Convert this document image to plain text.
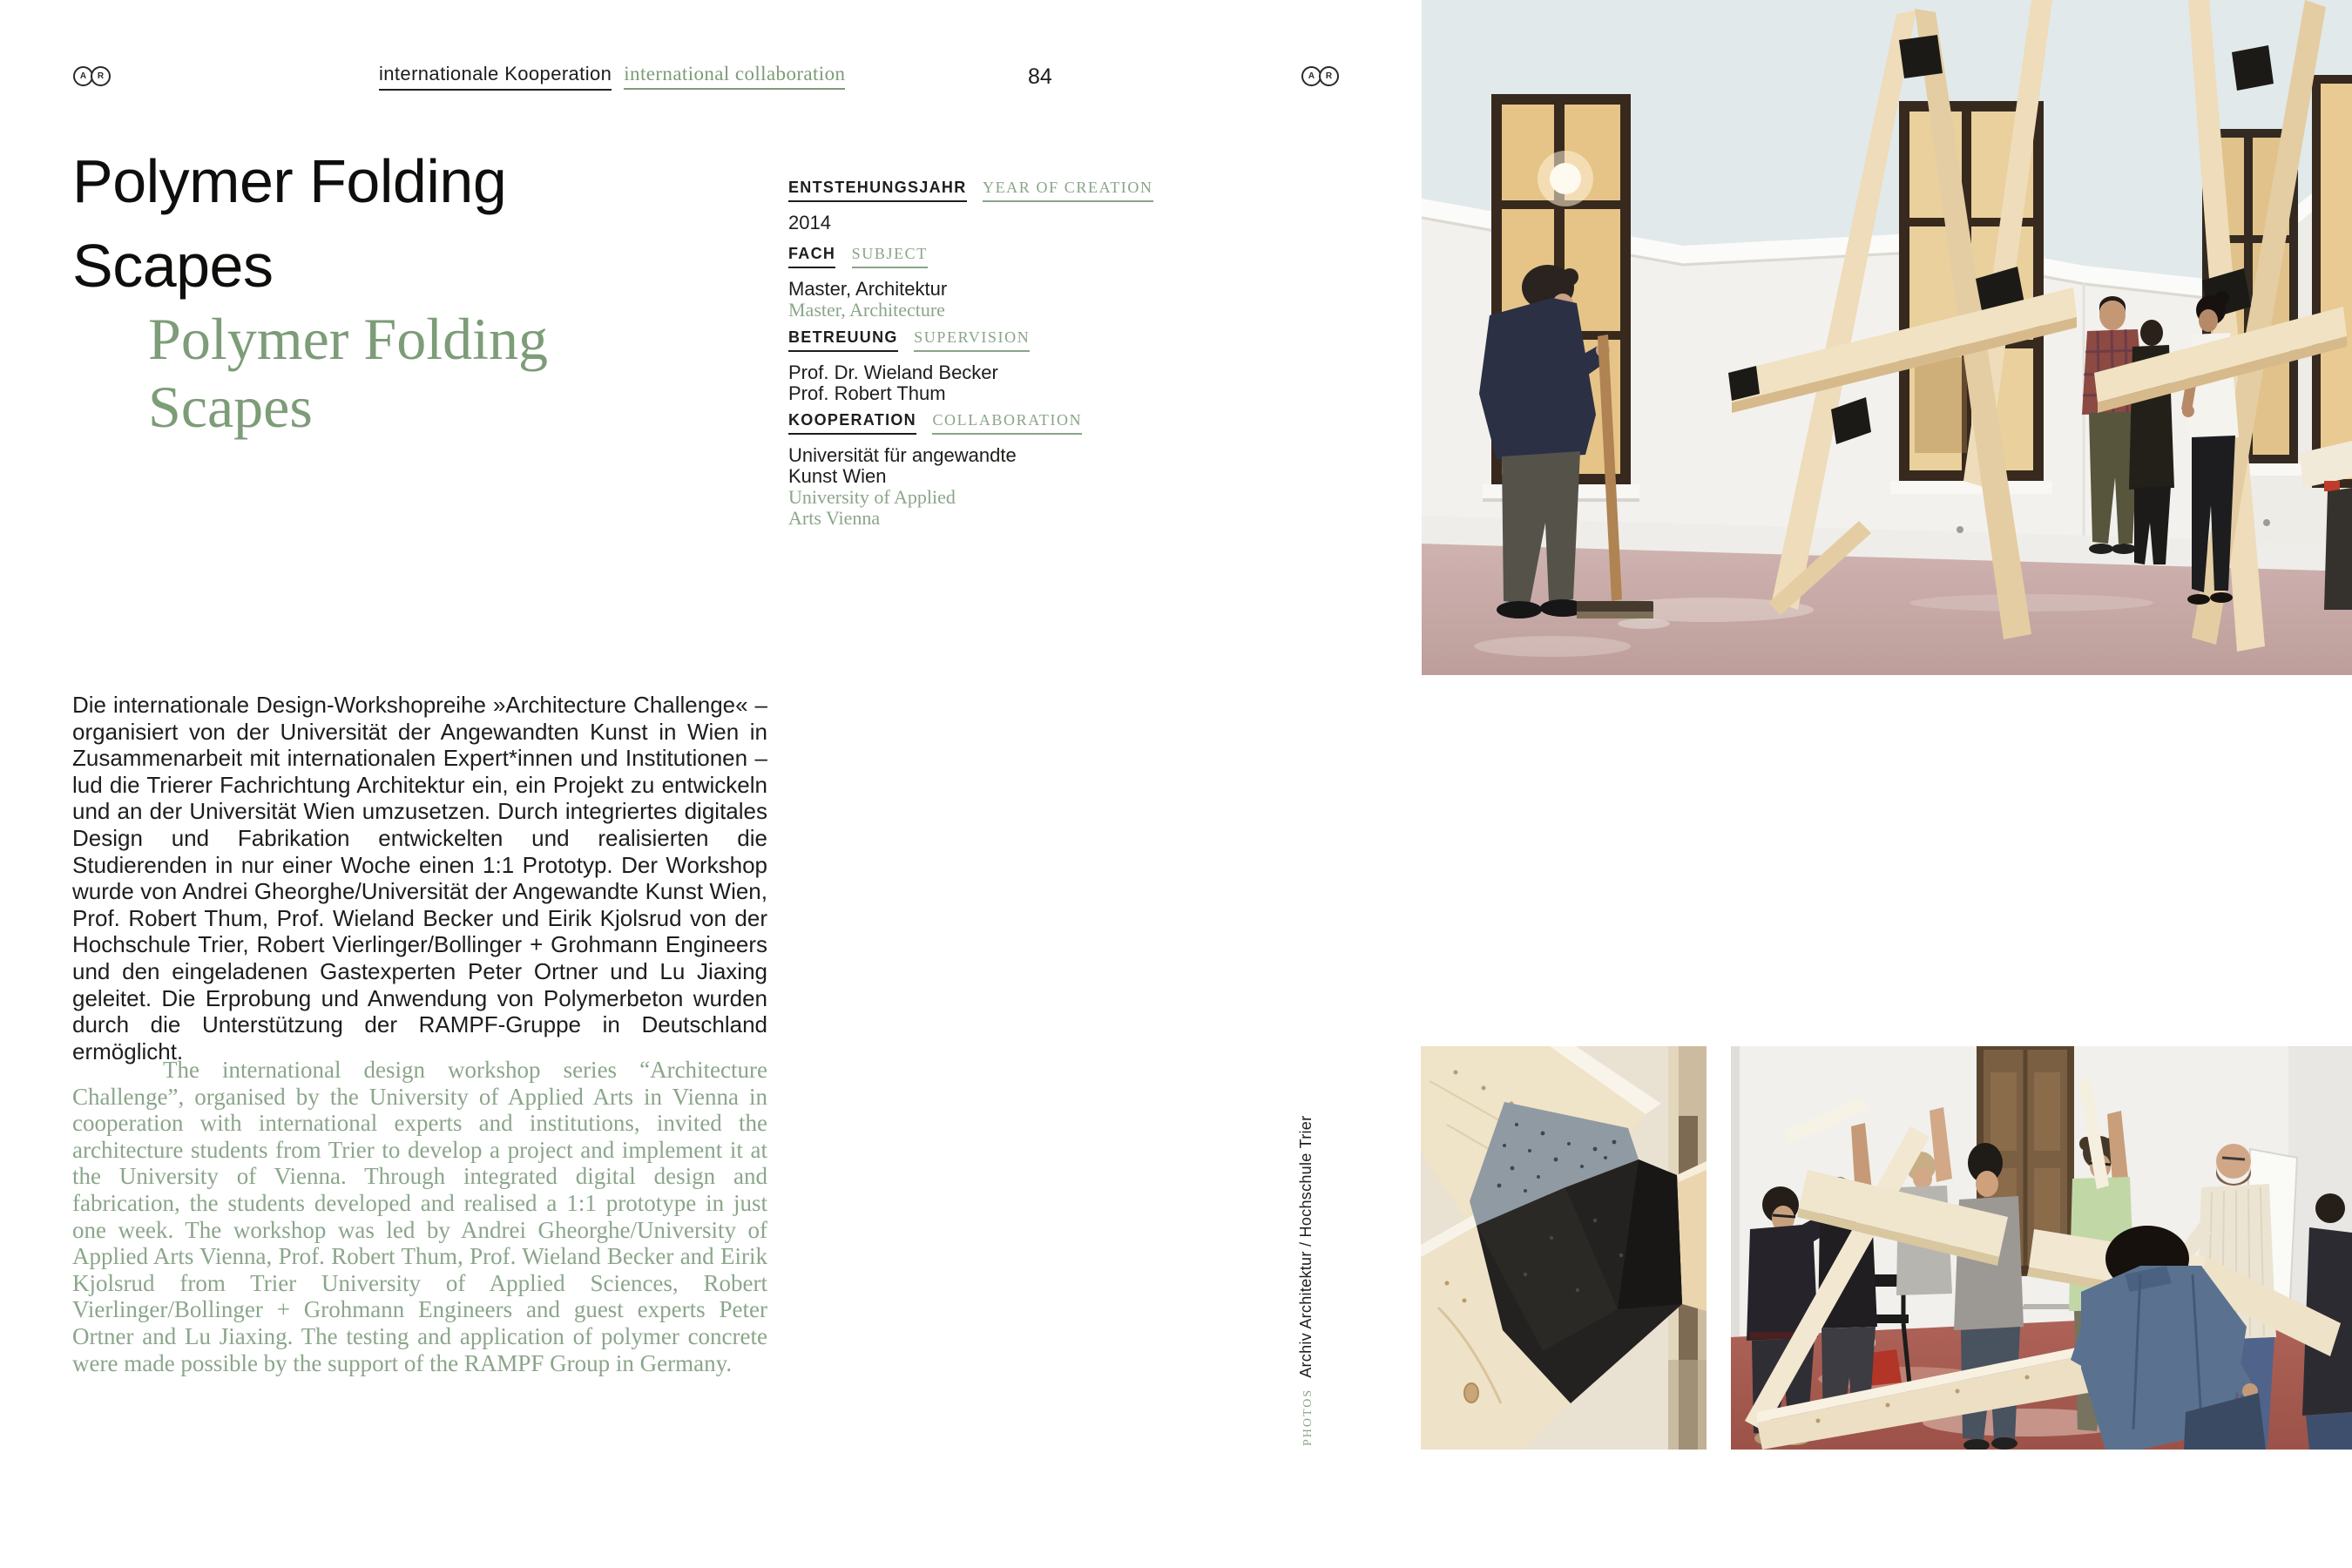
A	R	internationale Kooperation international collaboration	84	A	R
Polymer Folding
Scapes
Polymer Folding
Scapes
ENTSTEHUNGSJAHR YEAR OF CREATION
2014
FACH SUBJECT
Master, Architektur
Master, Architecture
BETREUUNG SUPERVISION
Prof. Dr. Wieland Becker
Prof. Robert Thum
KOOPERATION COLLABORATION
Universität für angewandte
Kunst Wien
University of Applied
Arts Vienna

Die internationale Design-Workshopreihe »Architecture Challenge« – organisiert von der Universität der Angewandten Kunst in Wien in Zusammenarbeit mit internationalen Expert*innen und Institutionen – lud die Trierer Fachrichtung Architektur ein, ein Projekt zu entwickeln und an der Universität Wien umzusetzen. Durch integriertes digitales Design und Fabrikation entwickelten und realisierten die Studierenden in nur einer Woche einen 1:1 Prototyp. Der Workshop wurde von Andrei Gheorghe/Universität der Angewandte Kunst Wien, Prof. Robert Thum, Prof. Wieland Becker und Eirik Kjolsrud von der Hochschule Trier, Robert Vierlinger/Bollinger + Grohmann Engineers und den eingeladenen Gastexperten Peter Ortner und Lu Jiaxing geleitet. Die Erprobung und Anwendung von Polymerbeton wurden durch die Unterstützung der RAMPF-Gruppe in Deutschland ermöglicht.

The international design workshop series “Architecture Challenge”, organised by the University of Applied Arts in Vienna in cooperation with international experts and institutions, invited the architecture students from Trier to develop a project and implement it at the University of Vienna. Through integrated digital design and fabrication, the students developed and realised a 1:1 prototype in just one week. The workshop was led by Andrei Gheorghe/University of Applied Arts Vienna, Prof. Robert Thum, Prof. Wieland Becker and Eirik Kjolsrud from Trier University of Applied Sciences, Robert Vierlinger/Bollinger + Grohmann Engineers and guest experts Peter Ortner and Lu Jiaxing. The testing and application of polymer concrete were made possible by the support of the RAMPF Group in Germany.

PHOTOS
Archiv Architektur / Hochschule Trier
